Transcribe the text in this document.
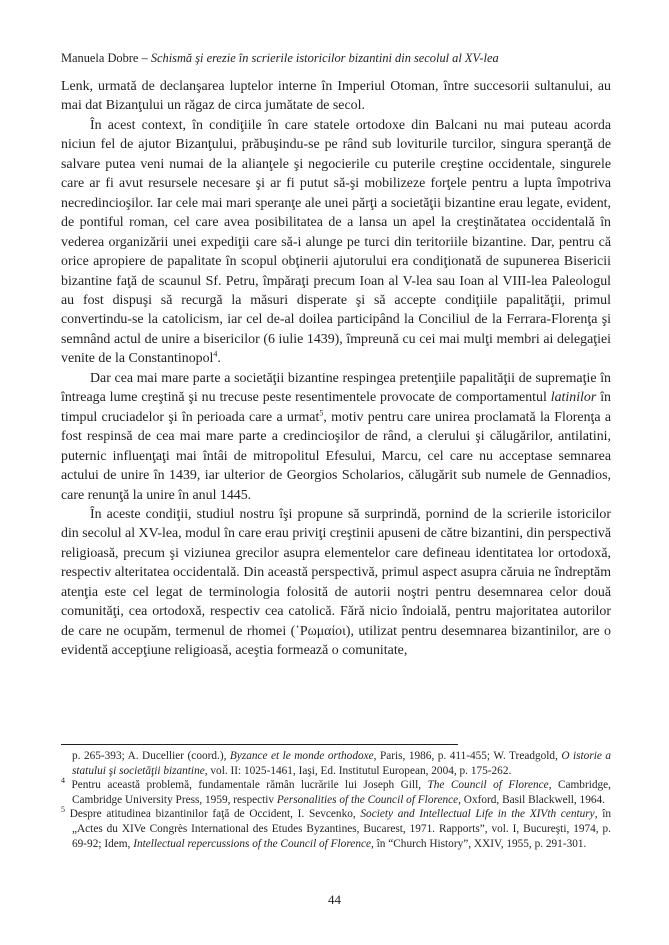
Manuela Dobre – Schismă şi erezie în scrierile istoricilor bizantini din secolul al XV-lea

Lenk, urmată de declanşarea luptelor interne în Imperiul Otoman, între succesorii sultanului, au mai dat Bizanţului un răgaz de circa jumătate de secol.

În acest context, în condiţiile în care statele ortodoxe din Balcani nu mai puteau acorda niciun fel de ajutor Bizanţului, prăbuşindu-se pe rând sub loviturile turcilor, singura speranţă de salvare putea veni numai de la alianţele şi negocierile cu puterile creştine occidentale, singurele care ar fi avut resursele necesare şi ar fi putut să-şi mobilizeze forţele pentru a lupta împotriva necredincioşilor. Iar cele mai mari speranţe ale unei părţi a societăţii bizantine erau legate, evident, de pontiful roman, cel care avea posibilitatea de a lansa un apel la creştinătatea occidentală în vederea organizării unei expediţii care să-i alunge pe turci din teritoriile bizantine. Dar, pentru că orice apropiere de papalitate în scopul obţinerii ajutorului era condiţionată de supunerea Bisericii bizantine faţă de scaunul Sf. Petru, împăraţi precum Ioan al V-lea sau Ioan al VIII-lea Paleologul au fost dispuşi să recurgă la măsuri disperate şi să accepte condiţiile papalităţii, primul convertindu-se la catolicism, iar cel de-al doilea participând la Conciliul de la Ferrara-Florenţa şi semnând actul de unire a bisericilor (6 iulie 1439), împreună cu cei mai mulţi membri ai delegaţiei venite de la Constantinopol$^4$.

Dar cea mai mare parte a societăţii bizantine respingea pretenţiile papalităţii de supremaţie în întreaga lume creştină şi nu trecuse peste resentimentele provocate de comportamentul latinilor în timpul cruciadelor şi în perioada care a urmat$^5$, motiv pentru care unirea proclamată la Florenţa a fost respinsă de cea mai mare parte a credincioşilor de rând, a clerului şi călugărilor, antilatini, puternic influenţaţi mai întâi de mitropolitul Efesului, Marcu, cel care nu acceptase semnarea actului de unire în 1439, iar ulterior de Georgios Scholarios, călugărit sub numele de Gennadios, care renunţă la unire în anul 1445.

În aceste condiţii, studiul nostru îşi propune să surprindă, pornind de la scrierile istoricilor din secolul al XV-lea, modul în care erau priviţi creştinii apuseni de către bizantini, din perspectivă religioasă, precum şi viziunea grecilor asupra elementelor care defineau identitatea lor ortodoxă, respectiv alteritatea occidentală. Din această perspectivă, primul aspect asupra căruia ne îndreptăm atenţia este cel legat de terminologia folosită de autorii noştri pentru desemnarea celor două comunităţi, cea ortodoxă, respectiv cea catolică. Fără nicio îndoială, pentru majoritatea autorilor de care ne ocupăm, termenul de rhomei (῾Ρωμαίοι), utilizat pentru desemnarea bizantinilor, are o evidentă accepţiune religioasă, aceştia formează o comunitate,

p. 265-393; A. Ducellier (coord.), Byzance et le monde orthodoxe, Paris, 1986, p. 411-455; W. Treadgold, O istorie a statului şi societăţii bizantine, vol. II: 1025-1461, Iaşi, Ed. Institutul European, 2004, p. 175-262.

$^4$ Pentru această problemă, fundamentale rămân lucrările lui Joseph Gill, The Council of Florence, Cambridge, Cambridge University Press, 1959, respectiv Personalities of the Council of Florence, Oxford, Basil Blackwell, 1964.

$^5$ Despre atitudinea bizantinilor faţă de Occident, I. Sevcenko, Society and Intellectual Life in the XIVth century, în „Actes du XIVe Congrès International des Etudes Byzantines, Bucarest, 1971. Rapports”, vol. I, Bucureşti, 1974, p. 69-92; Idem, Intellectual repercussions of the Council of Florence, în “Church History”, XXIV, 1955, p. 291-301.

44
